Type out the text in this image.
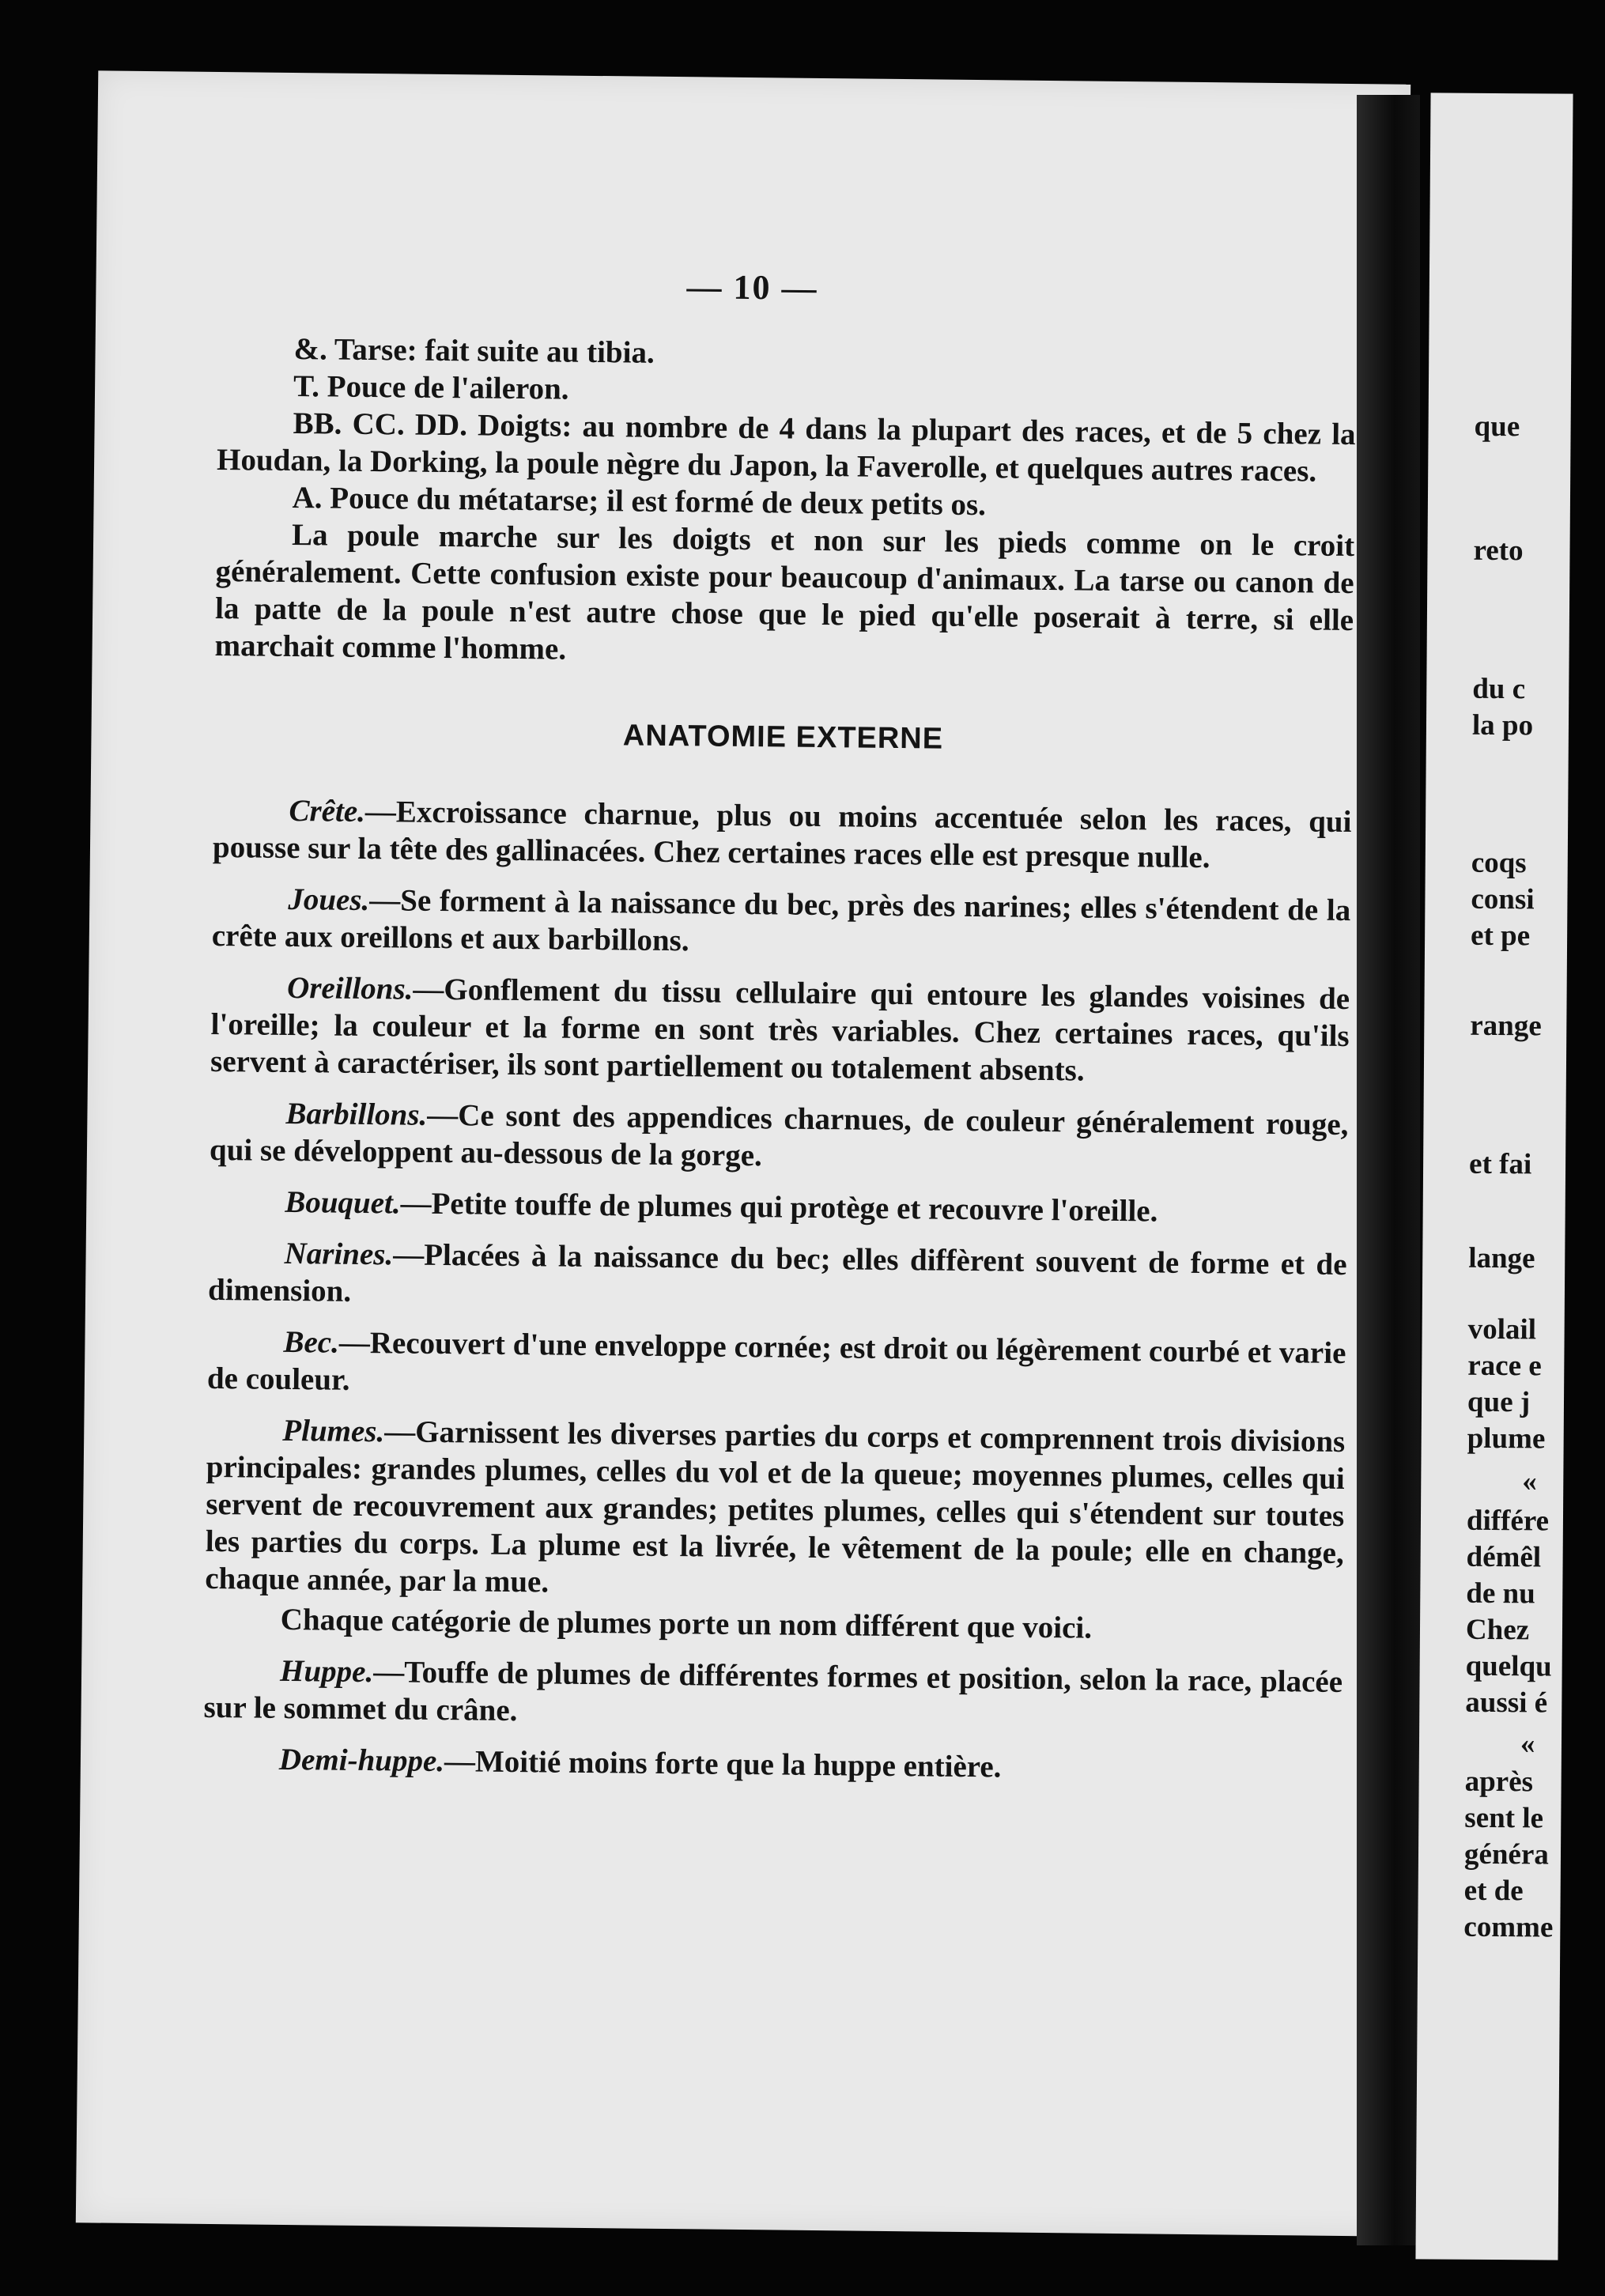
— 10 —

&. Tarse: fait suite au tibia.

T. Pouce de l'aileron.

BB. CC. DD. Doigts: au nombre de 4 dans la plupart des races, et de 5 chez la Houdan, la Dorking, la poule nègre du Japon, la Faverolle, et quelques autres races.

A. Pouce du métatarse; il est formé de deux petits os.

La poule marche sur les doigts et non sur les pieds comme on le croit généralement. Cette confusion existe pour beaucoup d'animaux. La tarse ou canon de la patte de la poule n'est autre chose que le pied qu'elle poserait à terre, si elle marchait comme l'homme.

ANATOMIE EXTERNE

Crête.—Excroissance charnue, plus ou moins accentuée selon les races, qui pousse sur la tête des gallinacées. Chez certaines races elle est presque nulle.

Joues.—Se forment à la naissance du bec, près des narines; elles s'étendent de la crête aux oreillons et aux barbillons.

Oreillons.—Gonflement du tissu cellulaire qui entoure les glandes voisines de l'oreille; la couleur et la forme en sont très variables. Chez certaines races, qu'ils servent à caractériser, ils sont partiellement ou totalement absents.

Barbillons.—Ce sont des appendices charnues, de couleur généralement rouge, qui se développent au-dessous de la gorge.

Bouquet.—Petite touffe de plumes qui protège et recouvre l'oreille.

Narines.—Placées à la naissance du bec; elles diffèrent souvent de forme et de dimension.

Bec.—Recouvert d'une enveloppe cornée; est droit ou légèrement courbé et varie de couleur.

Plumes.—Garnissent les diverses parties du corps et comprennent trois divisions principales: grandes plumes, celles du vol et de la queue; moyennes plumes, celles qui servent de recouvrement aux grandes; petites plumes, celles qui s'étendent sur toutes les parties du corps. La plume est la livrée, le vêtement de la poule; elle en change, chaque année, par la mue.

Chaque catégorie de plumes porte un nom différent que voici.

Huppe.—Touffe de plumes de différentes formes et position, selon la race, placée sur le sommet du crâne.

Demi-huppe.—Moitié moins forte que la huppe entière.

que
reto
du c
la po
coqs
consi
et pe
range
et fai
lange
volail
race e
que j
plume
«
différe
démêl
de nu
Chez
quelqu
aussi é
«
après
sent le
généra
et de
comme
